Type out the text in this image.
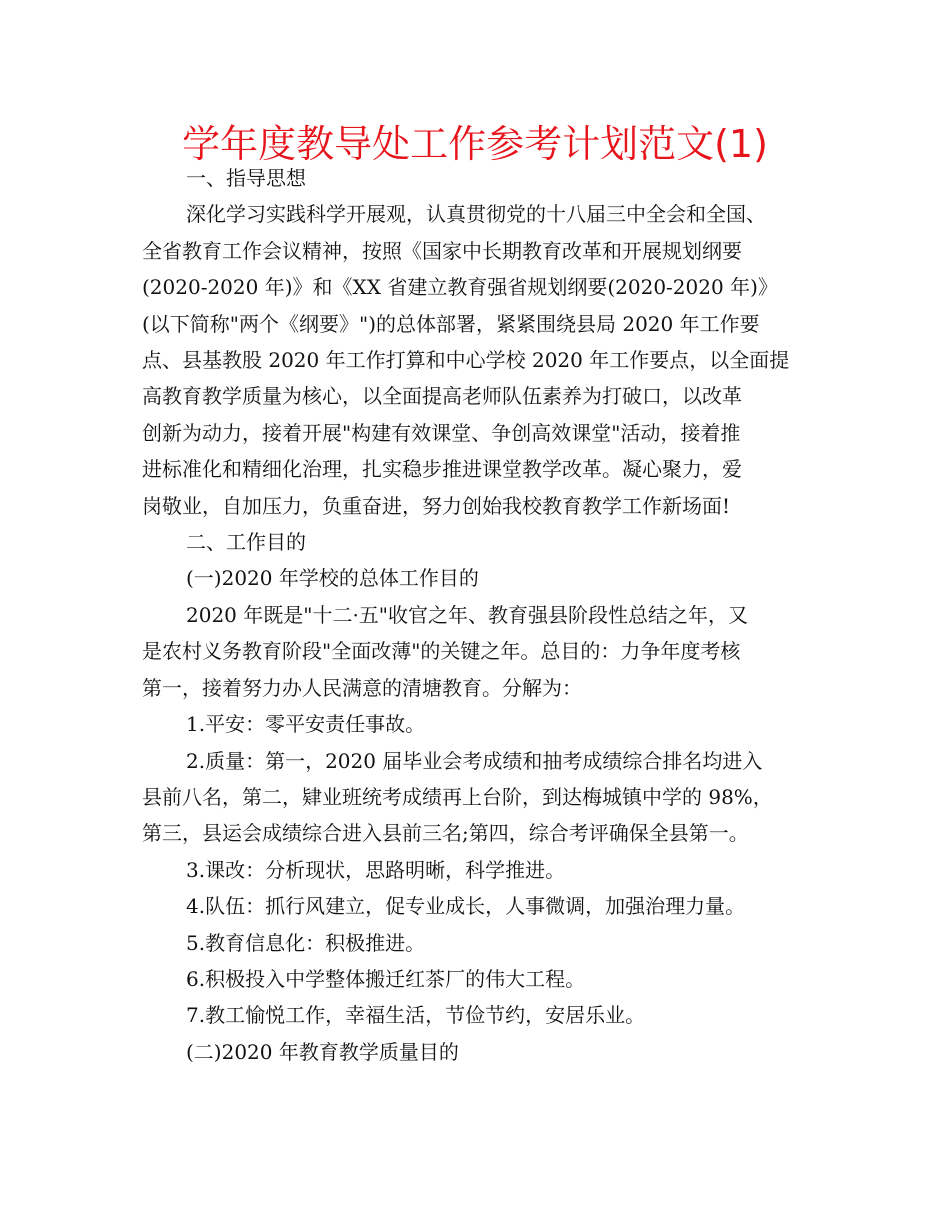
学年度教导处工作参考计划范文(1)
一、指导思想
深化学习实践科学开展观，认真贯彻党的十八届三中全会和全国、
全省教育工作会议精神，按照《国家中长期教育改革和开展规划纲要
(2020-2020 年)》和《XX 省建立教育强省规划纲要(2020-2020 年)》
(以下简称"两个《纲要》")的总体部署，紧紧围绕县局 2020 年工作要
点、县基教股 2020 年工作打算和中心学校 2020 年工作要点，以全面提
高教育教学质量为核心，以全面提高老师队伍素养为打破口，以改革
创新为动力，接着开展"构建有效课堂、争创高效课堂"活动，接着推
进标准化和精细化治理，扎实稳步推进课堂教学改革。凝心聚力，爱
岗敬业，自加压力，负重奋进，努力创始我校教育教学工作新场面!
二、工作目的
(一)2020 年学校的总体工作目的
2020 年既是"十二·五"收官之年、教育强县阶段性总结之年，又
是农村义务教育阶段"全面改薄"的关键之年。总目的：力争年度考核
第一，接着努力办人民满意的清塘教育。分解为：
1.平安：零平安责任事故。
2.质量：第一，2020 届毕业会考成绩和抽考成绩综合排名均进入
县前八名，第二，肄业班统考成绩再上台阶，到达梅城镇中学的 98%，
第三，县运会成绩综合进入县前三名;第四，综合考评确保全县第一。
3.课改：分析现状，思路明晰，科学推进。
4.队伍：抓行风建立，促专业成长，人事微调，加强治理力量。
5.教育信息化：积极推进。
6.积极投入中学整体搬迁红茶厂的伟大工程。
7.教工愉悦工作，幸福生活，节俭节约，安居乐业。
(二)2020 年教育教学质量目的
